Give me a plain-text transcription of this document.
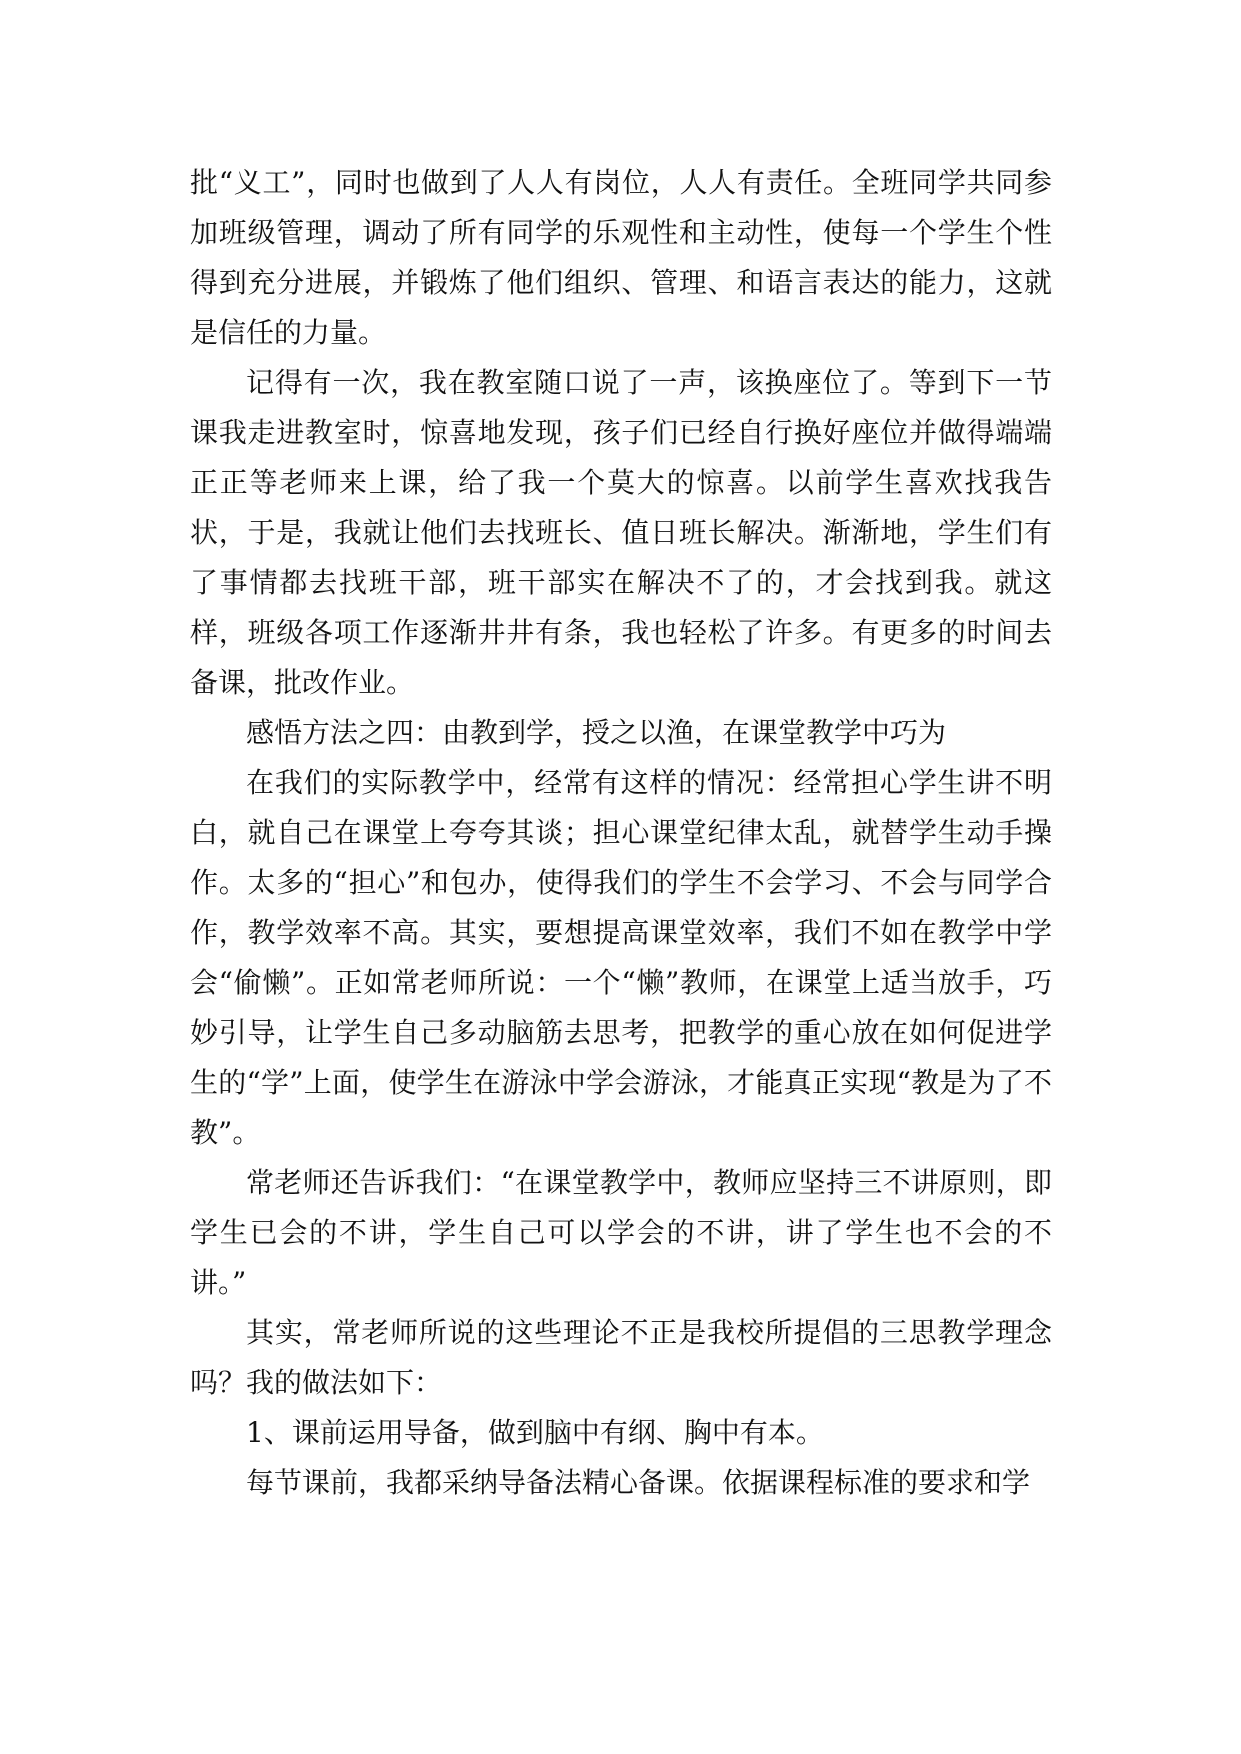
批“义工”，同时也做到了人人有岗位，人人有责任。全班同学共同参加班级管理，调动了所有同学的乐观性和主动性，使每一个学生个性得到充分进展，并锻炼了他们组织、管理、和语言表达的能力，这就是信任的力量。

记得有一次，我在教室随口说了一声，该换座位了。等到下一节课我走进教室时，惊喜地发现，孩子们已经自行换好座位并做得端端正正等老师来上课，给了我一个莫大的惊喜。以前学生喜欢找我告状，于是，我就让他们去找班长、值日班长解决。渐渐地，学生们有了事情都去找班干部，班干部实在解决不了的，才会找到我。就这样，班级各项工作逐渐井井有条，我也轻松了许多。有更多的时间去备课，批改作业。

感悟方法之四：由教到学，授之以渔，在课堂教学中巧为

在我们的实际教学中，经常有这样的情况：经常担心学生讲不明白，就自己在课堂上夸夸其谈；担心课堂纪律太乱，就替学生动手操作。太多的“担心”和包办，使得我们的学生不会学习、不会与同学合作，教学效率不高。其实，要想提高课堂效率，我们不如在教学中学会“偷懒”。正如常老师所说：一个“懒”教师，在课堂上适当放手，巧妙引导，让学生自己多动脑筋去思考，把教学的重心放在如何促进学生的“学”上面，使学生在游泳中学会游泳，才能真正实现“教是为了不教”。

常老师还告诉我们：“在课堂教学中，教师应坚持三不讲原则，即学生已会的不讲，学生自己可以学会的不讲，讲了学生也不会的不讲。”

其实，常老师所说的这些理论不正是我校所提倡的三思教学理念吗？我的做法如下：

1、课前运用导备，做到脑中有纲、胸中有本。

每节课前，我都采纳导备法精心备课。依据课程标准的要求和学
